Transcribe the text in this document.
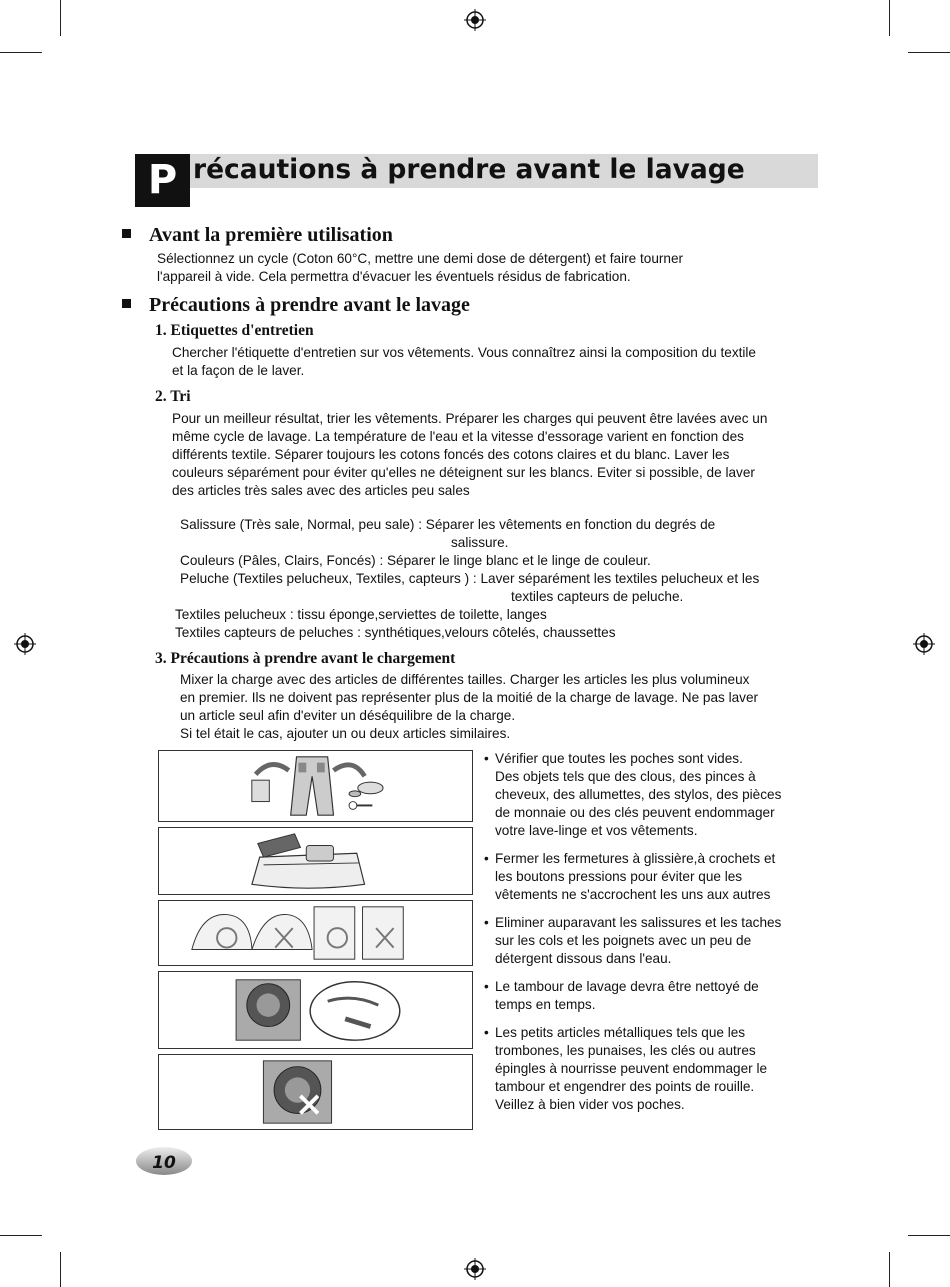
P récautions à prendre avant le lavage
Avant la première utilisation
Sélectionnez un cycle (Coton 60°C, mettre une demi dose de détergent) et faire tourner
l'appareil à vide. Cela permettra d'évacuer les éventuels résidus de fabrication.
Précautions à prendre avant le lavage
1. Etiquettes d'entretien
Chercher l'étiquette d'entretien sur vos vêtements. Vous connaîtrez ainsi la composition du textile
et la façon de le laver.
2. Tri
Pour un meilleur résultat, trier les vêtements. Préparer les charges qui peuvent être lavées avec un
même cycle de lavage. La température de l'eau et la vitesse d'essorage varient en fonction des
différents textile. Séparer toujours les cotons foncés des cotons claires et du blanc. Laver les
couleurs séparément pour éviter qu'elles ne déteignent sur les blancs. Eviter si possible, de laver
des articles très sales avec des articles peu sales
Salissure (Très sale, Normal, peu sale) : Séparer les vêtements en fonction du degrés de
salissure.
Couleurs (Pâles, Clairs, Foncés) : Séparer le linge blanc et le linge de couleur.
Peluche (Textiles pelucheux, Textiles, capteurs ) : Laver séparément les textiles pelucheux et les
textiles capteurs de peluche.
Textiles pelucheux : tissu éponge,serviettes de toilette, langes
Textiles capteurs de peluches : synthétiques,velours côtelés, chaussettes
3. Précautions à prendre avant le chargement
Mixer la charge avec des articles de différentes tailles. Charger les articles les plus volumineux
en premier. Ils ne doivent pas représenter plus de la moitié de la charge de lavage. Ne pas laver
un article seul afin d'eviter un déséquilibre de la charge.
Si tel était le cas, ajouter un ou deux articles similaires.
• Vérifier que toutes les poches sont vides.
Des objets tels que des clous, des pinces à
cheveux, des allumettes, des stylos, des pièces
de monnaie ou des clés peuvent endommager
votre lave-linge et vos vêtements.
• Fermer les fermetures à glissière,à crochets et
les boutons pressions pour éviter que les
vêtements ne s'accrochent les uns aux autres
• Eliminer auparavant les salissures et les taches
sur les cols et les poignets avec un peu de
détergent dissous dans l'eau.
• Le tambour de lavage devra être nettoyé de
temps en temps.
• Les petits articles métalliques tels que les
trombones, les punaises, les clés ou autres
épingles à nourrisse peuvent endommager le
tambour et engendrer des points de rouille.
Veillez à bien vider vos poches.
10
